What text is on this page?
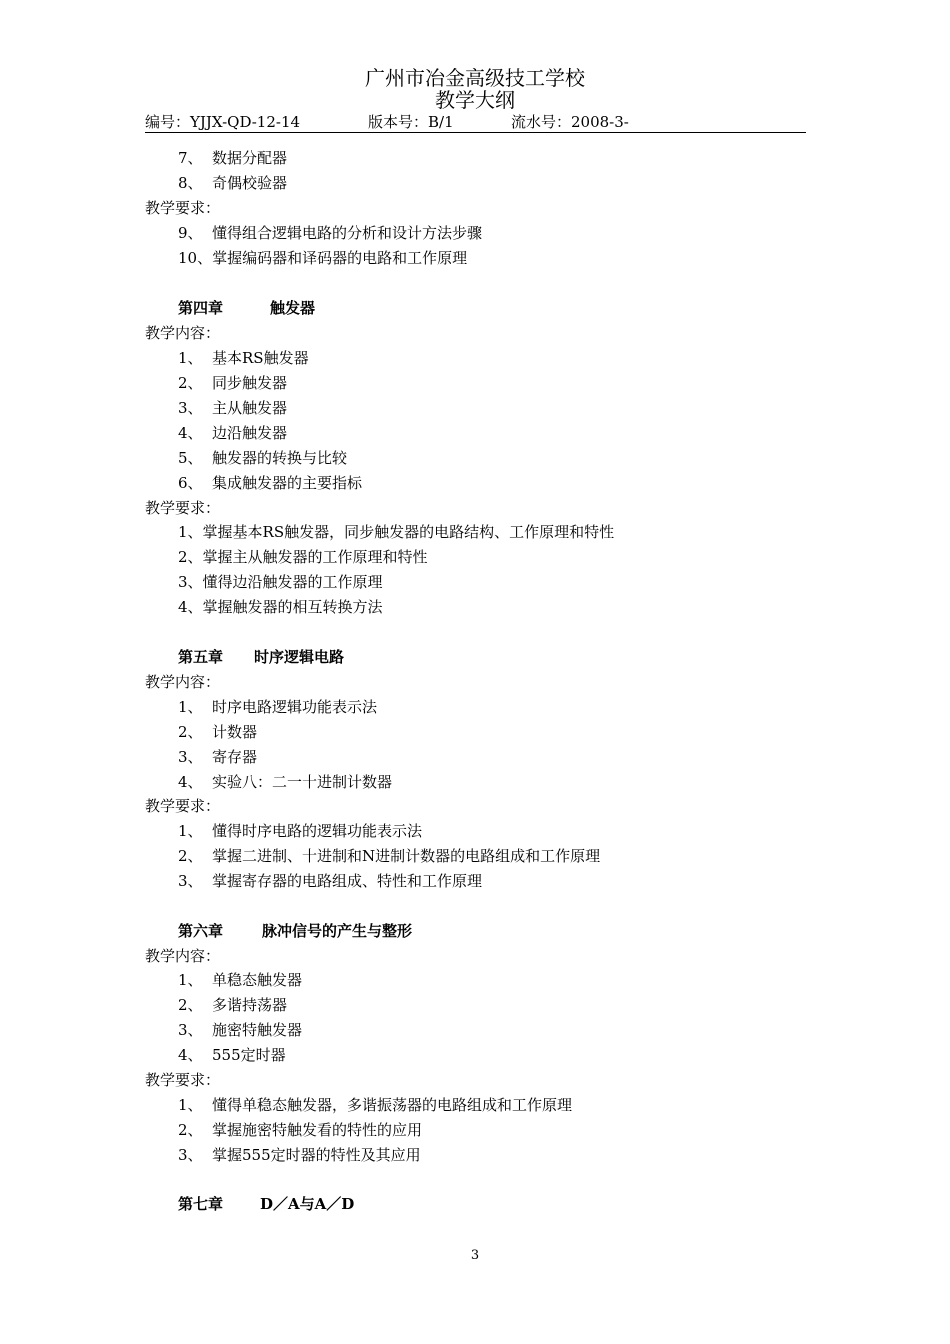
广州市冶金高级技工学校
教学大纲
编号：YJJX-QD-12-14	版本号：B/1	流水号：2008-3-
7、 数据分配器
8、 奇偶校验器
教学要求：
9、 懂得组合逻辑电路的分析和设计方法步骤
10、掌握编码器和译码器的电路和工作原理
第四章	触发器
教学内容：
1、 基本RS触发器
2、 同步触发器
3、 主从触发器
4、 边沿触发器
5、 触发器的转换与比较
6、 集成触发器的主要指标
教学要求：
1、掌握基本RS触发器，同步触发器的电路结构、工作原理和特性
2、掌握主从触发器的工作原理和特性
3、懂得边沿触发器的工作原理
4、掌握触发器的相互转换方法
第五章 时序逻辑电路
教学内容：
1、 时序电路逻辑功能表示法
2、 计数器
3、 寄存器
4、 实验八：二一十进制计数器
教学要求：
1、 懂得时序电路的逻辑功能表示法
2、 掌握二进制、十进制和N进制计数器的电路组成和工作原理
3、 掌握寄存器的电路组成、特性和工作原理
第六章	脉冲信号的产生与整形
教学内容：
1、 单稳态触发器
2、 多谐持荡器
3、 施密特触发器
4、 555定时器
教学要求：
1、 懂得单稳态触发器，多谐振荡器的电路组成和工作原理
2、 掌握施密特触发看的特性的应用
3、 掌握555定时器的特性及其应用
第七章 D／A与A／D
3
